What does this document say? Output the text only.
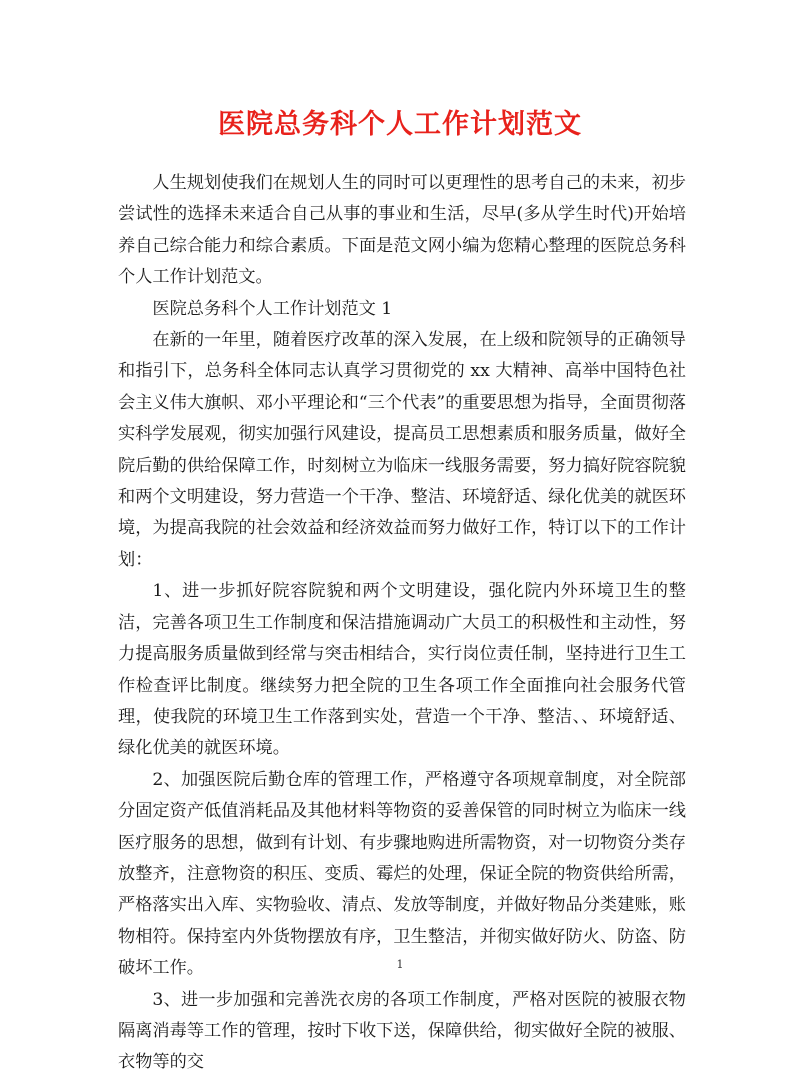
医院总务科个人工作计划范文

人生规划使我们在规划人生的同时可以更理性的思考自己的未来，初步尝试性的选择未来适合自己从事的事业和生活，尽早(多从学生时代)开始培养自己综合能力和综合素质。下面是范文网小编为您精心整理的医院总务科个人工作计划范文。

医院总务科个人工作计划范文 1

在新的一年里，随着医疗改革的深入发展，在上级和院领导的正确领导和指引下，总务科全体同志认真学习贯彻党的 xx 大精神、高举中国特色社会主义伟大旗帜、邓小平理论和“三个代表”的重要思想为指导，全面贯彻落实科学发展观，彻实加强行风建设，提高员工思想素质和服务质量，做好全院后勤的供给保障工作，时刻树立为临床一线服务需要，努力搞好院容院貌和两个文明建设，努力营造一个干净、整洁、环境舒适、绿化优美的就医环境，为提高我院的社会效益和经济效益而努力做好工作，特订以下的工作计划：

1、进一步抓好院容院貌和两个文明建设，强化院内外环境卫生的整洁，完善各项卫生工作制度和保洁措施调动广大员工的积极性和主动性，努力提高服务质量做到经常与突击相结合，实行岗位责任制，坚持进行卫生工作检查评比制度。继续努力把全院的卫生各项工作全面推向社会服务代管理，使我院的环境卫生工作落到实处，营造一个干净、整洁、、环境舒适、绿化优美的就医环境。

2、加强医院后勤仓库的管理工作，严格遵守各项规章制度，对全院部分固定资产低值消耗品及其他材料等物资的妥善保管的同时树立为临床一线医疗服务的思想，做到有计划、有步骤地购进所需物资，对一切物资分类存放整齐，注意物资的积压、变质、霉烂的处理，保证全院的物资供给所需，严格落实出入库、实物验收、清点、发放等制度，并做好物品分类建账，账物相符。保持室内外货物摆放有序，卫生整洁，并彻实做好防火、防盗、防破坏工作。

3、进一步加强和完善洗衣房的各项工作制度，严格对医院的被服衣物隔离消毒等工作的管理，按时下收下送，保障供给，彻实做好全院的被服、衣物等的交

1
